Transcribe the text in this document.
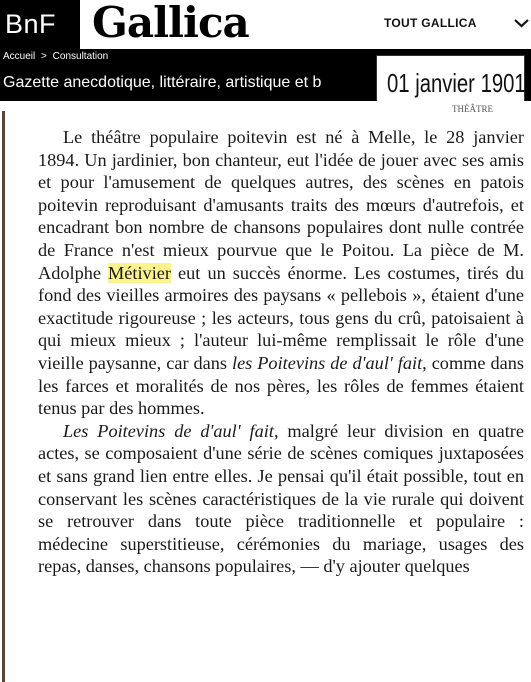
BnF Gallica	TOUT GALLICA
Accueil > Consultation
Gazette anecdotique, littéraire, artistique et b	01 janvier 1901
THÉÂTRE

Le théâtre populaire poitevin est né à Melle, le 28 janvier 1894. Un jardinier, bon chanteur, eut l'idée de jouer avec ses amis et pour l'amusement de quelques autres, des scènes en patois poitevin reproduisant d'amusants traits des mœurs d'autrefois, et encadrant bon nombre de chansons populaires dont nulle contrée de France n'est mieux pourvue que le Poitou. La pièce de M. Adolphe Métivier eut un succès énorme. Les costumes, tirés du fond des vieilles armoires des paysans « pellebois », étaient d'une exactitude rigoureuse ; les acteurs, tous gens du crû, patoisaient à qui mieux mieux ; l'auteur lui-même remplissait le rôle d'une vieille paysanne, car dans les Poitevins de d'aul' fait, comme dans les farces et moralités de nos pères, les rôles de femmes étaient tenus par des hommes.

Les Poitevins de d'aul' fait, malgré leur division en quatre actes, se composaient d'une série de scènes comiques juxtaposées et sans grand lien entre elles. Je pensai qu'il était possible, tout en conservant les scènes caractéristiques de la vie rurale qui doivent se retrouver dans toute pièce traditionnelle et populaire : médecine superstitieuse, cérémonies du mariage, usages des repas, danses, chansons populaires, — d'y ajouter quelques
